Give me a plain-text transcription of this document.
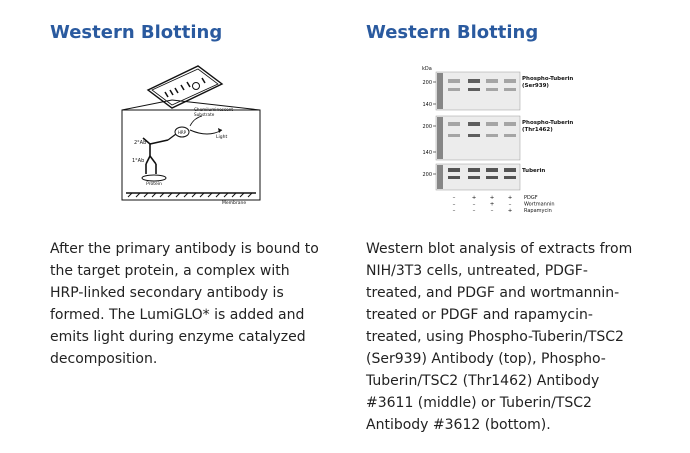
Western Blotting
HRP
Chemiluminescent
Substrate
2°Ab
1°Ab
Light
Protein
Membrane

After the primary antibody is bound to
the target protein, a complex with
HRP-linked secondary antibody is
formed. The LumiGLO* is added and
emits light during enzyme catalyzed
decomposition.

Western Blotting
kDa
200
140
Phospho-Tuberin
(Ser939)
200
140
Phospho-Tuberin
(Thr1462)
200
Tuberin
–	+ + + PDGF
–	–	+	–	Wortmannin
–	–	–	+ Rapamycin

Western blot analysis of extracts from
NIH/3T3 cells, untreated, PDGF-
treated, and PDGF and wortmannin-
treated or PDGF and rapamycin-
treated, using Phospho-Tuberin/TSC2
(Ser939) Antibody (top), Phospho-
Tuberin/TSC2 (Thr1462) Antibody
#3611 (middle) or Tuberin/TSC2
Antibody #3612 (bottom).
